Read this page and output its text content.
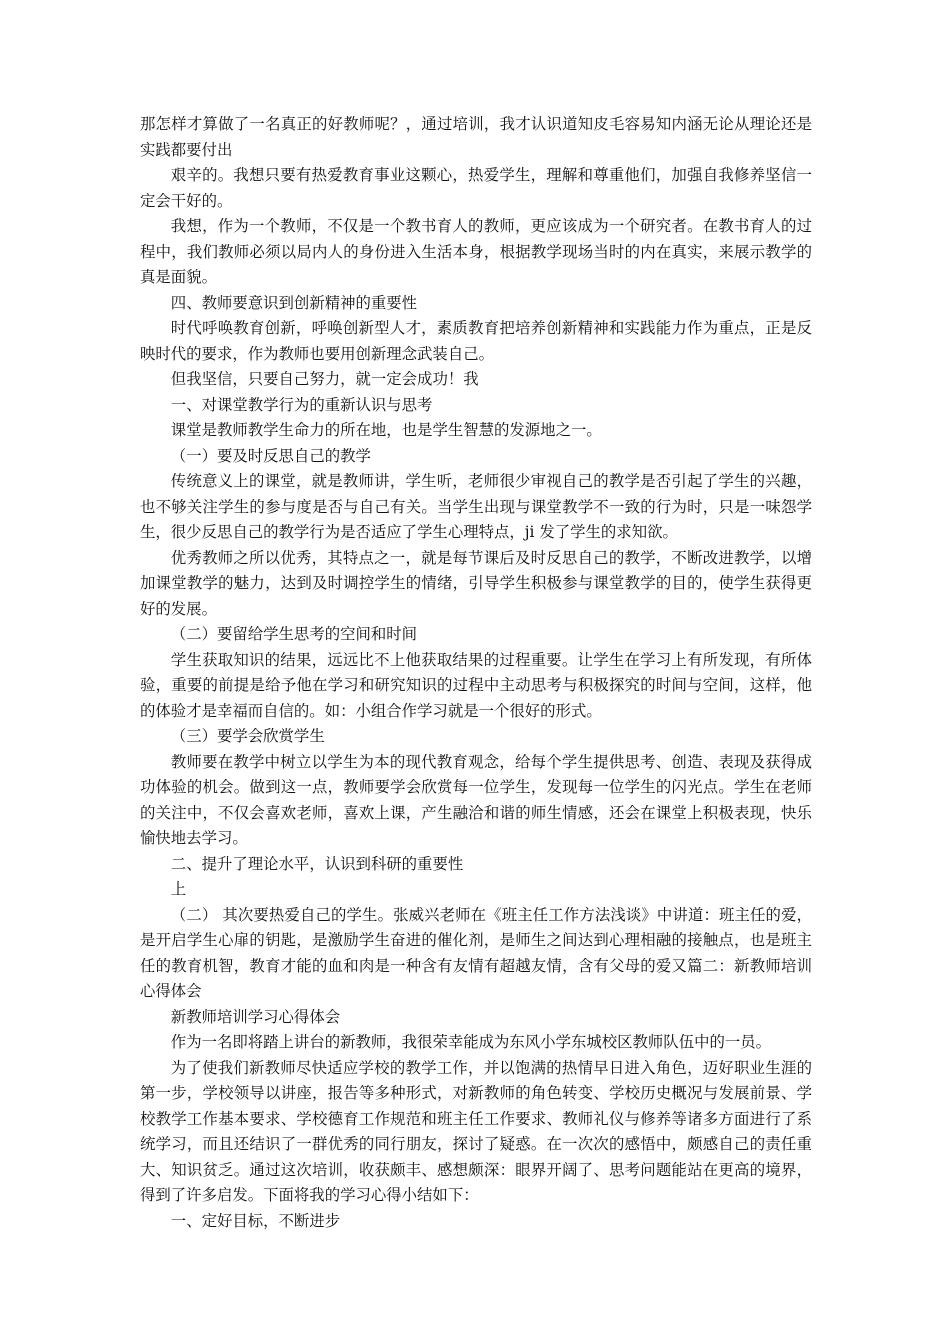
那怎样才算做了一名真正的好教师呢？，通过培训，我才认识道知皮毛容易知内涵无论从理论还是实践都要付出

艰辛的。我想只要有热爱教育事业这颗心，热爱学生，理解和尊重他们，加强自我修养坚信一定会干好的。

我想，作为一个教师，不仅是一个教书育人的教师，更应该成为一个研究者。在教书育人的过程中，我们教师必须以局内人的身份进入生活本身，根据教学现场当时的内在真实，来展示教学的真是面貌。

四、教师要意识到创新精神的重要性

时代呼唤教育创新，呼唤创新型人才，素质教育把培养创新精神和实践能力作为重点，正是反映时代的要求，作为教师也要用创新理念武装自己。

但我坚信，只要自己努力，就一定会成功！我

一、对课堂教学行为的重新认识与思考

课堂是教师教学生命力的所在地，也是学生智慧的发源地之一。

（一）要及时反思自己的教学

传统意义上的课堂，就是教师讲，学生听，老师很少审视自己的教学是否引起了学生的兴趣，也不够关注学生的参与度是否与自己有关。当学生出现与课堂教学不一致的行为时，只是一味怨学生，很少反思自己的教学行为是否适应了学生心理特点，ji 发了学生的求知欲。

优秀教师之所以优秀，其特点之一，就是每节课后及时反思自己的教学，不断改进教学，以增加课堂教学的魅力，达到及时调控学生的情绪，引导学生积极参与课堂教学的目的，使学生获得更好的发展。

（二）要留给学生思考的空间和时间

学生获取知识的结果，远远比不上他获取结果的过程重要。让学生在学习上有所发现，有所体验，重要的前提是给予他在学习和研究知识的过程中主动思考与积极探究的时间与空间，这样，他的体验才是幸福而自信的。如：小组合作学习就是一个很好的形式。

（三）要学会欣赏学生

教师要在教学中树立以学生为本的现代教育观念，给每个学生提供思考、创造、表现及获得成功体验的机会。做到这一点，教师要学会欣赏每一位学生，发现每一位学生的闪光点。学生在老师的关注中，不仅会喜欢老师，喜欢上课，产生融洽和谐的师生情感，还会在课堂上积极表现，快乐愉快地去学习。

二、提升了理论水平，认识到科研的重要性

上

（二） 其次要热爱自己的学生。张威兴老师在《班主任工作方法浅谈》中讲道：班主任的爱，是开启学生心扉的钥匙，是激励学生奋进的催化剂，是师生之间达到心理相融的接触点，也是班主任的教育机智，教育才能的血和肉是一种含有友情有超越友情，含有父母的爱又篇二：新教师培训心得体会

新教师培训学习心得体会

作为一名即将踏上讲台的新教师，我很荣幸能成为东风小学东城校区教师队伍中的一员。

为了使我们新教师尽快适应学校的教学工作，并以饱满的热情早日进入角色，迈好职业生涯的第一步，学校领导以讲座，报告等多种形式，对新教师的角色转变、学校历史概况与发展前景、学校教学工作基本要求、学校德育工作规范和班主任工作要求、教师礼仪与修养等诸多方面进行了系统学习，而且还结识了一群优秀的同行朋友，探讨了疑惑。在一次次的感悟中，颇感自己的责任重大、知识贫乏。通过这次培训，收获颇丰、感想颇深：眼界开阔了、思考问题能站在更高的境界，得到了许多启发。下面将我的学习心得小结如下：

一、定好目标，不断进步
